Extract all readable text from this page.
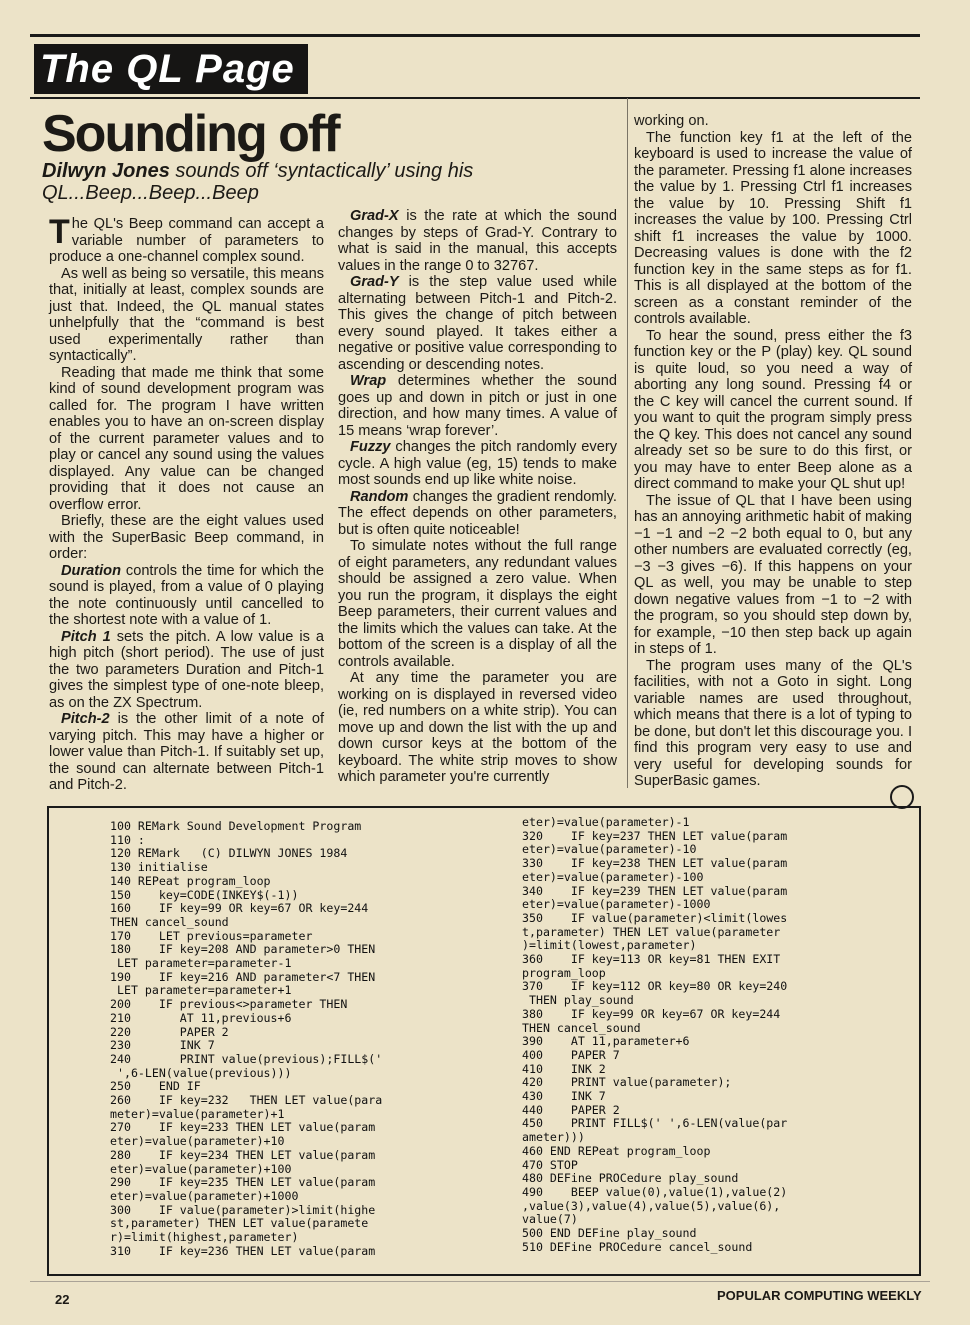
The QL Page
Sounding off
Dilwyn Jones sounds off ‘syntactically’ using his QL...Beep...Beep...Beep

The QL's Beep command can accept a variable number of parameters to produce a one-channel complex sound.

As well as being so versatile, this means that, initially at least, complex sounds are just that. Indeed, the QL manual states unhelpfully that the “command is best used experimentally rather than syntactically”.

Reading that made me think that some kind of sound development program was called for. The program I have written enables you to have an on-screen display of the current parameter values and to play or cancel any sound using the values displayed. Any value can be changed providing that it does not cause an overflow error.

Briefly, these are the eight values used with the SuperBasic Beep command, in order:

Duration controls the time for which the sound is played, from a value of 0 playing the note continuously until cancelled to the shortest note with a value of 1.

Pitch 1 sets the pitch. A low value is a high pitch (short period). The use of just the two parameters Duration and Pitch-1 gives the simplest type of one-note bleep, as on the ZX Spectrum.

Pitch-2 is the other limit of a note of varying pitch. This may have a higher or lower value than Pitch-1. If suitably set up, the sound can alternate between Pitch-1 and Pitch-2.

Grad-X is the rate at which the sound changes by steps of Grad-Y. Contrary to what is said in the manual, this accepts values in the range 0 to 32767.

Grad-Y is the step value used while alternating between Pitch-1 and Pitch-2. This gives the change of pitch between every sound played. It takes either a negative or positive value corresponding to ascending or descending notes.

Wrap determines whether the sound goes up and down in pitch or just in one direction, and how many times. A value of 15 means ‘wrap forever’.

Fuzzy changes the pitch randomly every cycle. A high value (eg, 15) tends to make most sounds end up like white noise.

Random changes the gradient rendomly. The effect depends on other parameters, but is often quite noticeable!

To simulate notes without the full range of eight parameters, any redundant values should be assigned a zero value. When you run the program, it displays the eight Beep parameters, their current values and the limits which the values can take. At the bottom of the screen is a display of all the controls available.

At any time the parameter you are working on is displayed in reversed video (ie, red numbers on a white strip). You can move up and down the list with the up and down cursor keys at the bottom of the keyboard. The white strip moves to show which parameter you're currently

working on.

The function key f1 at the left of the keyboard is used to increase the value of the parameter. Pressing f1 alone increases the value by 1. Pressing Ctrl f1 increases the value by 10. Pressing Shift f1 increases the value by 100. Pressing Ctrl shift f1 increases the value by 1000. Decreasing values is done with the f2 function key in the same steps as for f1. This is all displayed at the bottom of the screen as a constant reminder of the controls available.

To hear the sound, press either the f3 function key or the P (play) key. QL sound is quite loud, so you need a way of aborting any long sound. Pressing f4 or the C key will cancel the current sound. If you want to quit the program simply press the Q key. This does not cancel any sound already set so be sure to do this first, or you may have to enter Beep alone as a direct command to make your QL shut up!

The issue of QL that I have been using has an annoying arithmetic habit of making −1 −1 and −2 −2 both equal to 0, but any other numbers are evaluated correctly (eg, −3 −3 gives −6). If this happens on your QL as well, you may be unable to step down negative values from −1 to −2 with the program, so you should step down by, for example, −10 then step back up again in steps of 1.

The program uses many of the QL's facilities, with not a Goto in sight. Long variable names are used throughout, which means that there is a lot of typing to be done, but don't let this discourage you. I find this program very easy to use and very useful for developing sounds for SuperBasic games.

100 REMark Sound Development Program
110 :
120 REMark   (C) DILWYN JONES 1984
130 initialise
140 REPeat program_loop
150    key=CODE(INKEY$(-1))
160    IF key=99 OR key=67 OR key=244
THEN cancel_sound
170    LET previous=parameter
180    IF key=208 AND parameter>0 THEN
LET parameter=parameter-1
190    IF key=216 AND parameter<7 THEN
LET parameter=parameter+1
200    IF previous<>parameter THEN
210       AT 11,previous+6
220       PAPER 2
230       INK 7
240       PRINT value(previous);FILL$('
',6-LEN(value(previous)))
250    END IF
260    IF key=232   THEN LET value(para
meter)=value(parameter)+1
270    IF key=233 THEN LET value(param
eter)=value(parameter)+10
280    IF key=234 THEN LET value(param
eter)=value(parameter)+100
290    IF key=235 THEN LET value(param
eter)=value(parameter)+1000
300    IF value(parameter)>limit(highe
st,parameter) THEN LET value(paramete
r)=limit(highest,parameter)
310    IF key=236 THEN LET value(param
eter)=value(parameter)-1
320    IF key=237 THEN LET value(param
eter)=value(parameter)-10
330    IF key=238 THEN LET value(param
eter)=value(parameter)-100
340    IF key=239 THEN LET value(param
eter)=value(parameter)-1000
350    IF value(parameter)<limit(lowes
t,parameter) THEN LET value(parameter
)=limit(lowest,parameter)
360    IF key=113 OR key=81 THEN EXIT
program_loop
370    IF key=112 OR key=80 OR key=240
THEN play_sound
380    IF key=99 OR key=67 OR key=244
THEN cancel_sound
390    AT 11,parameter+6
400    PAPER 7
410    INK 2
420    PRINT value(parameter);
430    INK 7
440    PAPER 2
450    PRINT FILL$(' ',6-LEN(value(par
ameter)))
460 END REPeat program_loop
470 STOP
480 DEFine PROCedure play_sound
490    BEEP value(0),value(1),value(2)
,value(3),value(4),value(5),value(6),
value(7)
500 END DEFine play_sound
510 DEFine PROCedure cancel_sound
22	POPULAR COMPUTING WEEKLY
